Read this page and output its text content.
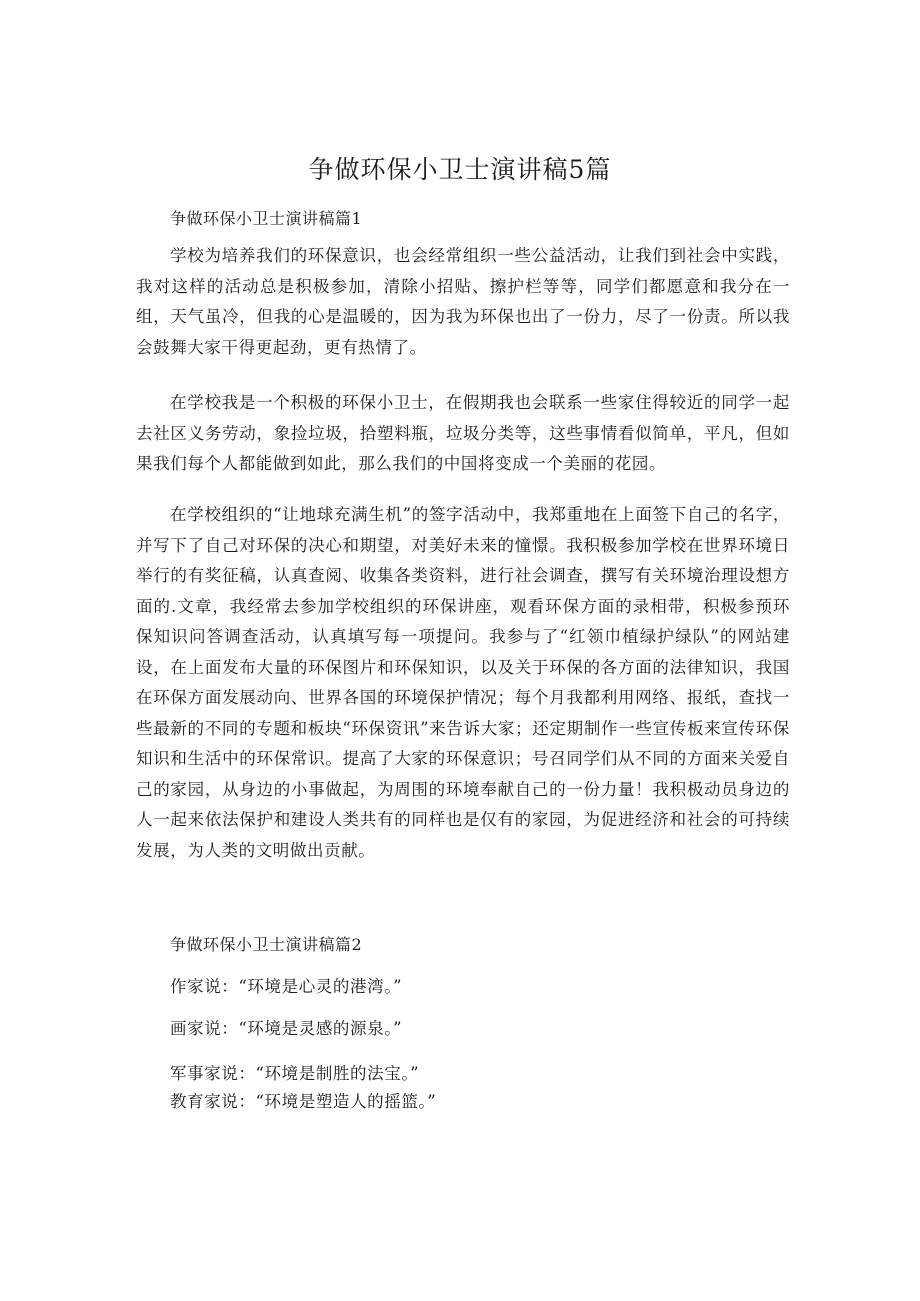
争做环保小卫士演讲稿5篇

争做环保小卫士演讲稿篇1

学校为培养我们的环保意识，也会经常组织一些公益活动，让我们到社会中实践，我对这样的活动总是积极参加，清除小招贴、擦护栏等等，同学们都愿意和我分在一组，天气虽冷，但我的心是温暖的，因为我为环保也出了一份力，尽了一份责。所以我会鼓舞大家干得更起劲，更有热情了。

在学校我是一个积极的环保小卫士，在假期我也会联系一些家住得较近的同学一起去社区义务劳动，象捡垃圾，拾塑料瓶，垃圾分类等，这些事情看似简单，平凡，但如果我们每个人都能做到如此，那么我们的中国将变成一个美丽的花园。

在学校组织的“让地球充满生机”的签字活动中，我郑重地在上面签下自己的名字，并写下了自己对环保的决心和期望，对美好未来的憧憬。我积极参加学校在世界环境日举行的有奖征稿，认真查阅、收集各类资料，进行社会调查，撰写有关环境治理设想方面的.文章，我经常去参加学校组织的环保讲座，观看环保方面的录相带，积极参预环保知识问答调查活动，认真填写每一项提问。我参与了“红领巾植绿护绿队”的网站建设，在上面发布大量的环保图片和环保知识，以及关于环保的各方面的法律知识，我国在环保方面发展动向、世界各国的环境保护情况；每个月我都利用网络、报纸，查找一些最新的不同的专题和板块“环保资讯”来告诉大家；还定期制作一些宣传板来宣传环保知识和生活中的环保常识。提高了大家的环保意识；号召同学们从不同的方面来关爱自己的家园，从身边的小事做起，为周围的环境奉献自己的一份力量！我积极动员身边的人一起来依法保护和建设人类共有的同样也是仅有的家园，为促进经济和社会的可持续发展，为人类的文明做出贡献。

争做环保小卫士演讲稿篇2

作家说：“环境是心灵的港湾。”

画家说：“环境是灵感的源泉。”

军事家说：“环境是制胜的法宝。”

教育家说：“环境是塑造人的摇篮。”
